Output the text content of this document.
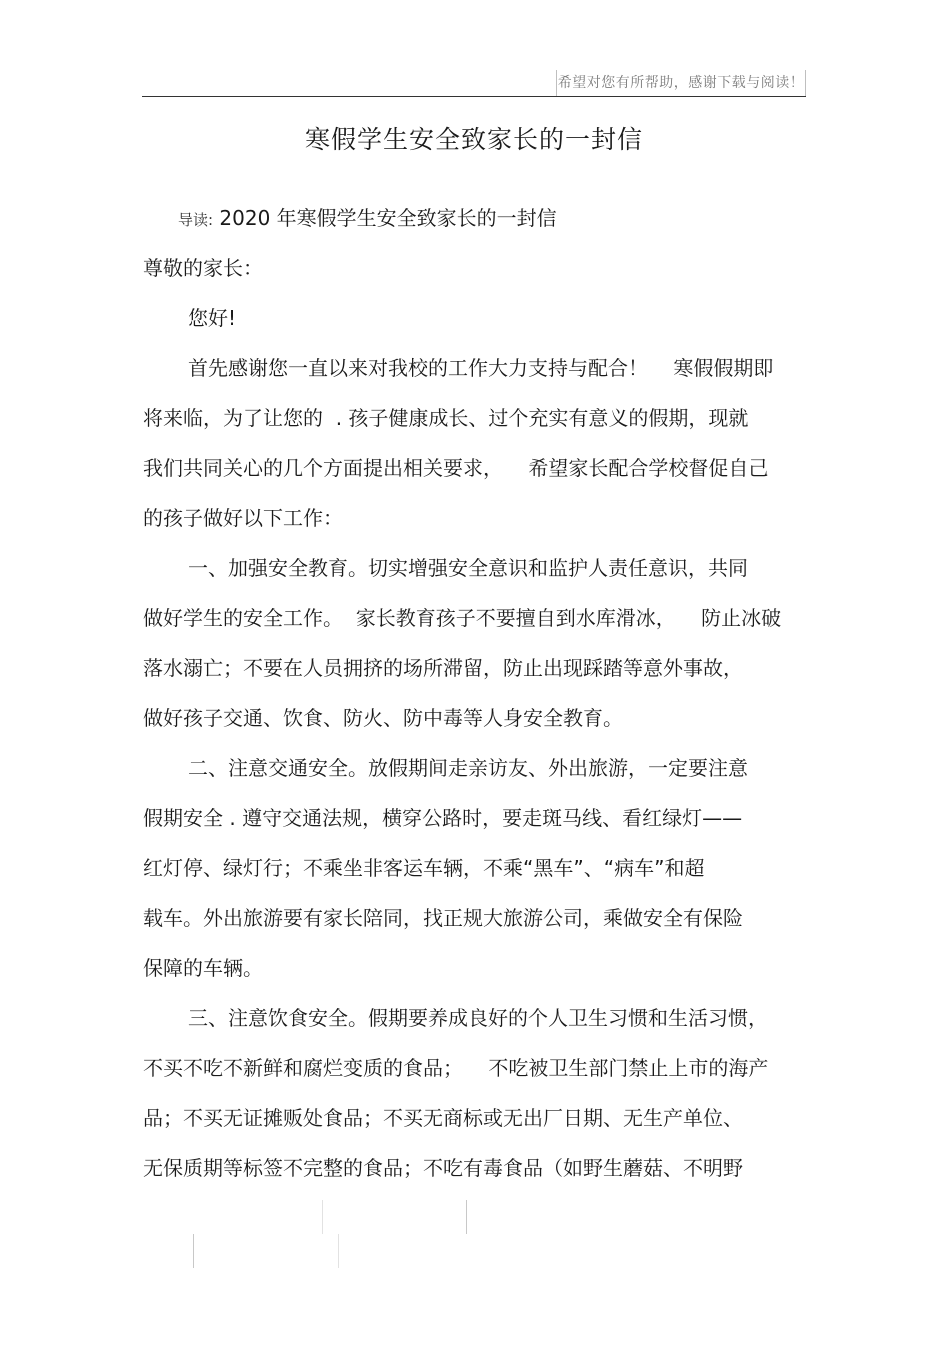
希望对您有所帮助，感谢下载与阅读！
寒假学生安全致家长的一封信

导读: 2020 年寒假学生安全致家长的一封信

尊敬的家长：

您好!

首先感谢您一直以来对我校的工作大力支持与配合！    寒假假期即

将来临，为了让您的  . 孩子健康成长、过个充实有意义的假期，现就

我们共同关心的几个方面提出相关要求，    希望家长配合学校督促自己

的孩子做好以下工作：

一、加强安全教育。切实增强安全意识和监护人责任意识，共同

做好学生的安全工作。  家长教育孩子不要擅自到水库滑冰，    防止冰破

落水溺亡；不要在人员拥挤的场所滞留，防止出现踩踏等意外事故，

做好孩子交通、饮食、防火、防中毒等人身安全教育。

二、注意交通安全。放假期间走亲访友、外出旅游，一定要注意

假期安全 . 遵守交通法规，横穿公路时，要走斑马线、看红绿灯——

红灯停、绿灯行；不乘坐非客运车辆，不乘“黑车”、“病车”和超

载车。外出旅游要有家长陪同，找正规大旅游公司，乘做安全有保险

保障的车辆。

三、注意饮食安全。假期要养成良好的个人卫生习惯和生活习惯，

不买不吃不新鲜和腐烂变质的食品；    不吃被卫生部门禁止上市的海产

品；不买无证摊贩处食品；不买无商标或无出厂日期、无生产单位、

无保质期等标签不完整的食品；不吃有毒食品（如野生蘑菇、不明野
